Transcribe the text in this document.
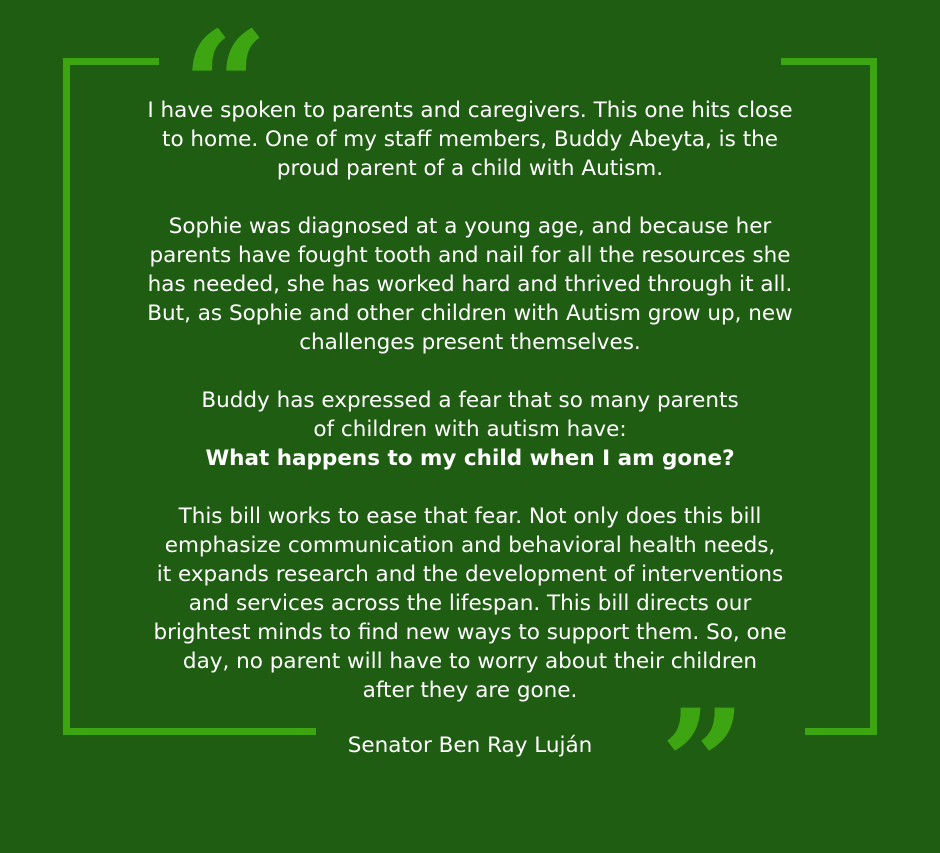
“
”

I have spoken to parents and caregivers. This one hits close
to home. One of my staff members, Buddy Abeyta, is the
proud parent of a child with Autism.

Sophie was diagnosed at a young age, and because her
parents have fought tooth and nail for all the resources she
has needed, she has worked hard and thrived through it all.
But, as Sophie and other children with Autism grow up, new
challenges present themselves.

Buddy has expressed a fear that so many parents
of children with autism have:
What happens to my child when I am gone?

This bill works to ease that fear. Not only does this bill
emphasize communication and behavioral health needs,
it expands research and the development of interventions
and services across the lifespan. This bill directs our
brightest minds to find new ways to support them. So, one
day, no parent will have to worry about their children
after they are gone.

Senator Ben Ray Luján
